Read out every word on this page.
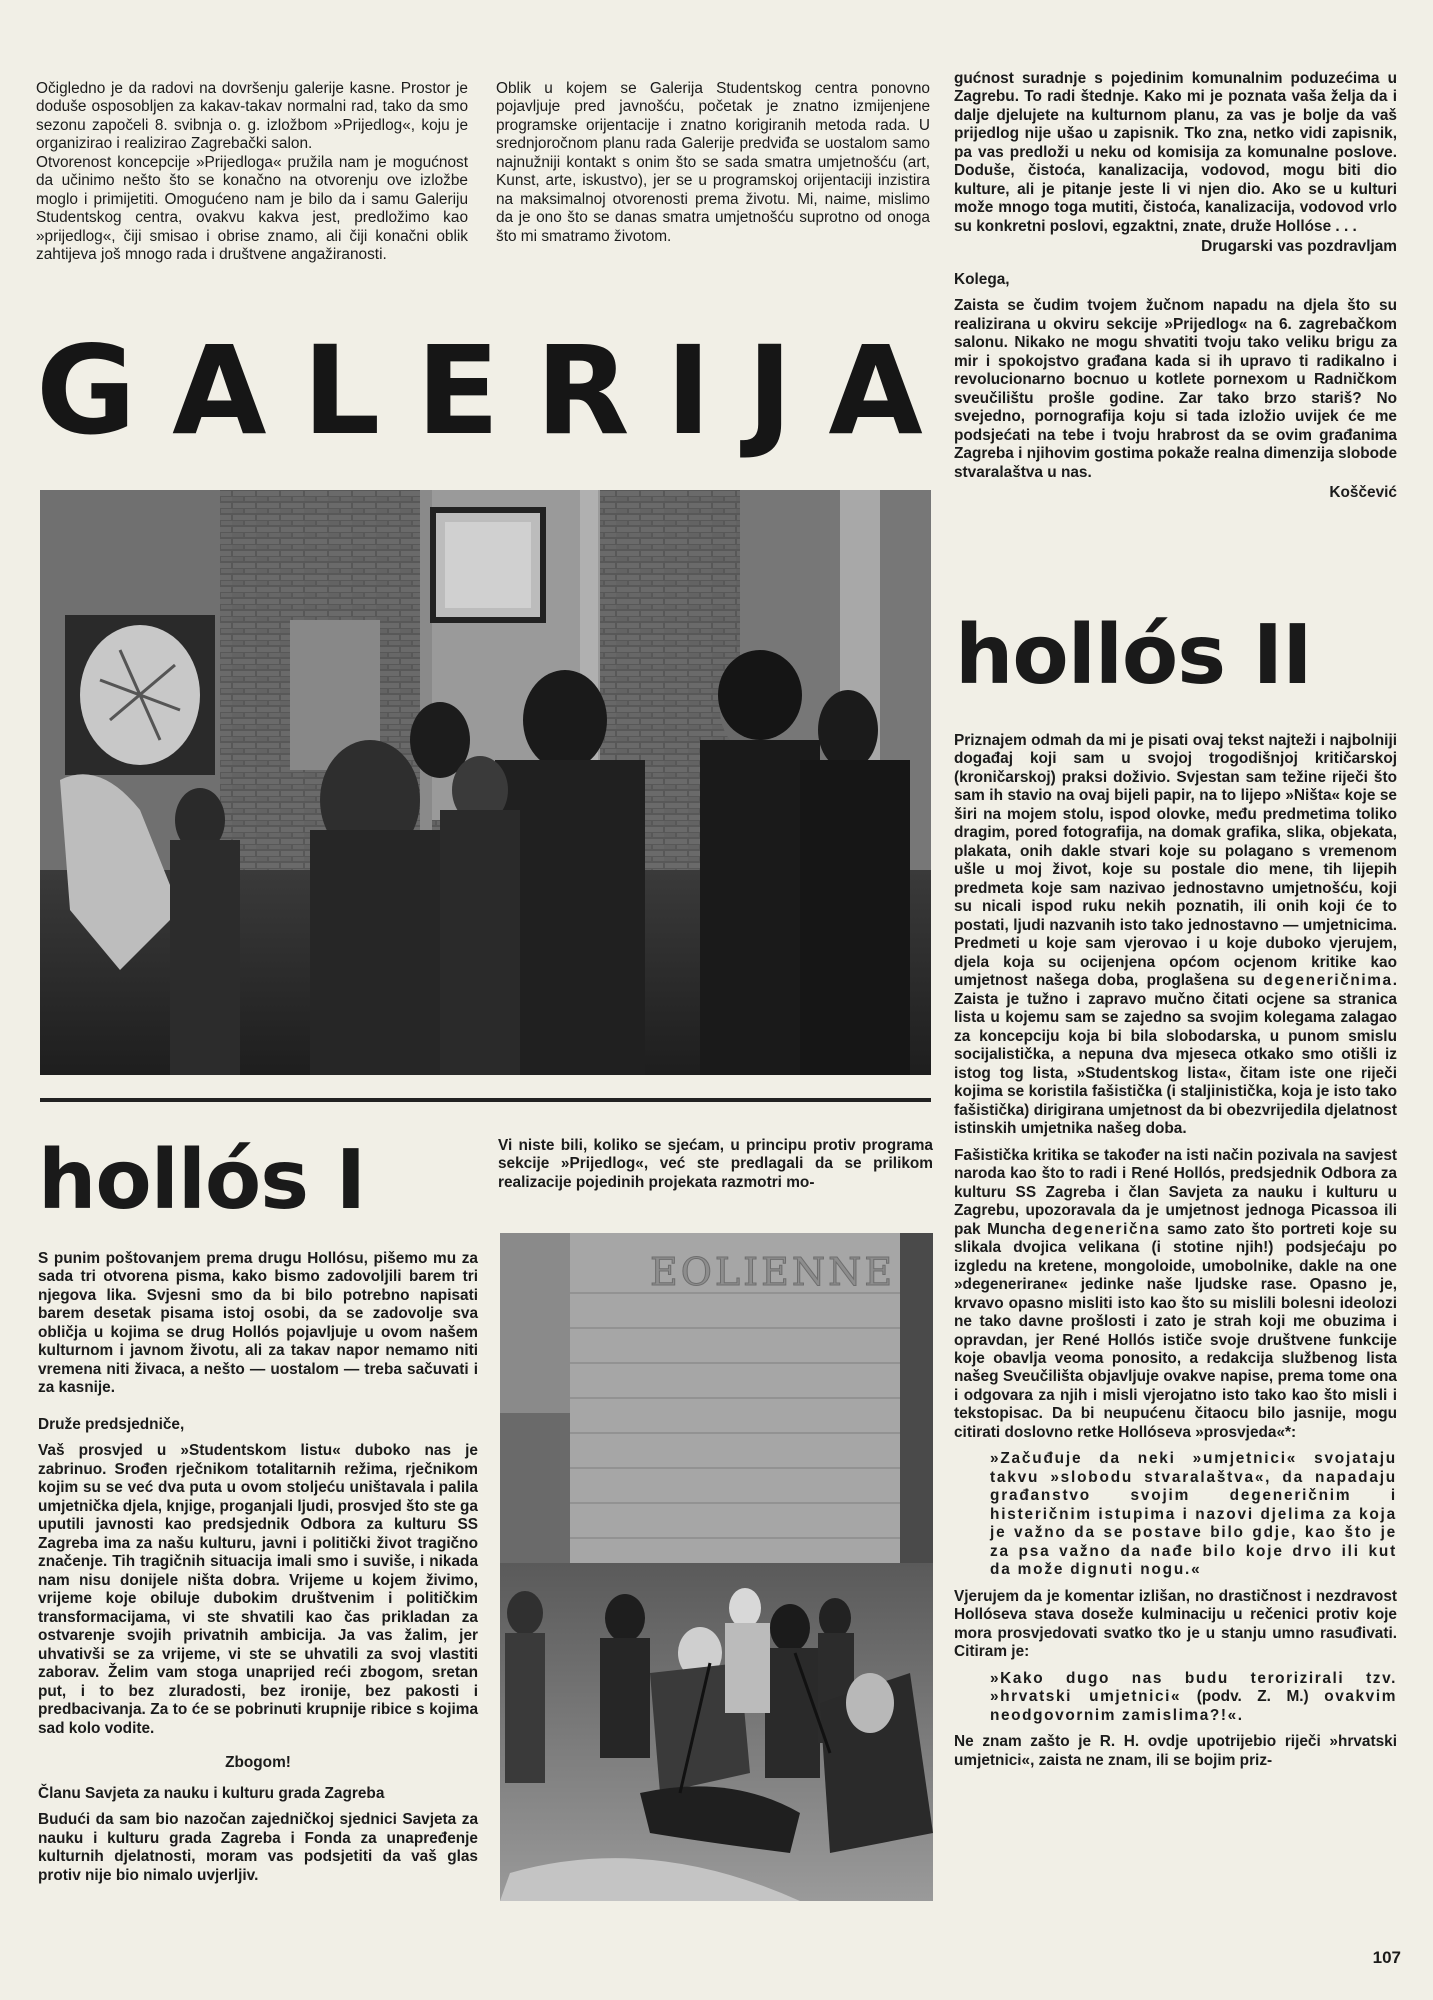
Očigledno je da radovi na dovršenju galerije kasne. Prostor je doduše osposobljen za kakav-takav normalni rad, tako da smo sezonu započeli 8. svibnja o. g. izložbom »Prijedlog«, koju je organizirao i realizirao Zagrebački salon.

Otvorenost koncepcije »Prijedloga« pružila nam je mogućnost da učinimo nešto što se konačno na otvorenju ove izložbe moglo i primijetiti. Omogućeno nam je bilo da i samu Galeriju Studentskog centra, ovakvu kakva jest, predložimo kao »prijedlog«, čiji smisao i obrise znamo, ali čiji konačni oblik zahtijeva još mnogo rada i društvene angažiranosti.

Oblik u kojem se Galerija Studentskog centra ponovno pojavljuje pred javnošću, početak je znatno izmijenjene programske orijentacije i znatno korigiranih metoda rada. U srednjoročnom planu rada Galerije predviđa se uostalom samo najnužniji kontakt s onim što se sada smatra umjetnošću (art, Kunst, arte, iskustvo), jer se u programskoj orijentaciji inzistira na maksimalnoj otvorenosti prema životu. Mi, naime, mislimo da je ono što se danas smatra umjetnošću suprotno od onoga što mi smatramo životom.

gućnost suradnje s pojedinim komunalnim poduzećima u Zagrebu. To radi štednje. Kako mi je poznata vaša želja da i dalje djelujete na kulturnom planu, za vas je bolje da vaš prijedlog nije ušao u zapisnik. Tko zna, netko vidi zapisnik, pa vas predloži u neku od komisija za komunalne poslove. Doduše, čistoća, kanalizacija, vodovod, mogu biti dio kulture, ali je pitanje jeste li vi njen dio. Ako se u kulturi može mnogo toga mutiti, čistoća, kanalizacija, vodovod vrlo su konkretni poslovi, egzaktni, znate, druže Hollóse . . .

Drugarski vas pozdravljam

Kolega,

Zaista se čudim tvojem žučnom napadu na djela što su realizirana u okviru sekcije »Prijedlog« na 6. zagrebačkom salonu. Nikako ne mogu shvatiti tvoju tako veliku brigu za mir i spokojstvo građana kada si ih upravo ti radikalno i revolucionarno bocnuo u kotlete pornexom u Radničkom sveučilištu prošle godine. Zar tako brzo stariš? No svejedno, pornografija koju si tada izložio uvijek će me podsjećati na tebe i tvoju hrabrost da se ovim građanima Zagreba i njihovim gostima pokaže realna dimenzija slobode stvaralaštva u nas.

Koščević

GALERIJA
hollós I
hollós II

S punim poštovanjem prema drugu Hollósu, pišemo mu za sada tri otvorena pisma, kako bismo zadovoljili barem tri njegova lika. Svjesni smo da bi bilo potrebno napisati barem desetak pisama istoj osobi, da se zadovolje sva obličja u kojima se drug Hollós pojavljuje u ovom našem kulturnom i javnom životu, ali za takav napor nemamo niti vremena niti živaca, a nešto — uostalom — treba sačuvati i za kasnije.

Druže predsjedniče,

Vaš prosvjed u »Studentskom listu« duboko nas je zabrinuo. Srođen rječnikom totalitarnih režima, rječnikom kojim su se već dva puta u ovom stoljeću uništavala i palila umjetnička djela, knjige, proganjali ljudi, prosvjed što ste ga uputili javnosti kao predsjednik Odbora za kulturu SS Zagreba ima za našu kulturu, javni i politički život tragično značenje. Tih tragičnih situacija imali smo i suviše, i nikada nam nisu donijele ništa dobra. Vrijeme u kojem živimo, vrijeme koje obiluje dubokim društvenim i političkim transformacijama, vi ste shvatili kao čas prikladan za ostvarenje svojih privatnih ambicija. Ja vas žalim, jer uhvativši se za vrijeme, vi ste se uhvatili za svoj vlastiti zaborav. Želim vam stoga unaprijed reći zbogom, sretan put, i to bez zluradosti, bez ironije, bez pakosti i predbacivanja. Za to će se pobrinuti krupnije ribice s kojima sad kolo vodite.

Zbogom!

Članu Savjeta za nauku i kulturu grada Zagreba

Budući da sam bio nazočan zajedničkoj sjednici Savjeta za nauku i kulturu grada Zagreba i Fonda za unapređenje kulturnih djelatnosti, moram vas podsjetiti da vaš glas protiv nije bio nimalo uvjerljiv.

Vi niste bili, koliko se sjećam, u principu protiv programa sekcije »Prijedlog«, već ste predlagali da se prilikom realizacije pojedinih projekata razmotri mo-

EOLIENNE

Priznajem odmah da mi je pisati ovaj tekst najteži i najbolniji događaj koji sam u svojoj trogodišnjoj kritičarskoj (kroničarskoj) praksi doživio. Svjestan sam težine riječi što sam ih stavio na ovaj bijeli papir, na to lijepo »Ništa« koje se širi na mojem stolu, ispod olovke, među predmetima toliko dragim, pored fotografija, na domak grafika, slika, objekata, plakata, onih dakle stvari koje su polagano s vremenom ušle u moj život, koje su postale dio mene, tih lijepih predmeta koje sam nazivao jednostavno umjetnošću, koji su nicali ispod ruku nekih poznatih, ili onih koji će to postati, ljudi nazvanih isto tako jednostavno — umjetnicima. Predmeti u koje sam vjerovao i u koje duboko vjerujem, djela koja su ocijenjena općom ocjenom kritike kao umjetnost našega doba, proglašena su degeneričnima. Zaista je tužno i zapravo mučno čitati ocjene sa stranica lista u kojemu sam se zajedno sa svojim kolegama zalagao za koncepciju koja bi bila slobodarska, u punom smislu socijalistička, a nepuna dva mjeseca otkako smo otišli iz istog tog lista, »Studentskog lista«, čitam iste one riječi kojima se koristila fašistička (i staljinistička, koja je isto tako fašistička) dirigirana umjetnost da bi obezvrijedila djelatnost istinskih umjetnika našeg doba.

Fašistička kritika se također na isti način pozivala na savjest naroda kao što to radi i René Hollós, predsjednik Odbora za kulturu SS Zagreba i član Savjeta za nauku i kulturu u Zagrebu, upozoravala da je umjetnost jednoga Picassoa ili pak Muncha degenerična samo zato što portreti koje su slikala dvojica velikana (i stotine njih!) podsjećaju po izgledu na kretene, mongoloide, umobolnike, dakle na one »degenerirane« jedinke naše ljudske rase. Opasno je, krvavo opasno misliti isto kao što su mislili bolesni ideolozi ne tako davne prošlosti i zato je strah koji me obuzima i opravdan, jer René Hollós ističe svoje društvene funkcije koje obavlja veoma ponosito, a redakcija službenog lista našeg Sveučilišta objavljuje ovakve napise, prema tome ona i odgovara za njih i misli vjerojatno isto tako kao što misli i tekstopisac. Da bi neupućenu čitaocu bilo jasnije, mogu citirati doslovno retke Hollóseva »prosvjeda«*:

»Začuđuje da neki »umjetnici« svojataju takvu »slobodu stvaralaštva«, da napadaju građanstvo svojim degeneričnim i histeričnim istupima i nazovi djelima za koja je važno da se postave bilo gdje, kao što je za psa važno da nađe bilo koje drvo ili kut da može dignuti nogu.«

Vjerujem da je komentar izlišan, no drastičnost i nezdravost Hollóseva stava doseže kulminaciju u rečenici protiv koje mora prosvjedovati svatko tko je u stanju umno rasuđivati. Citiram je:

»Kako dugo nas budu terorizirali tzv. »hrvatski umjetnici« (podv. Z. M.) ovakvim neodgovornim zamislima?!«.

Ne znam zašto je R. H. ovdje upotrijebio riječi »hrvatski umjetnici«, zaista ne znam, ili se bojim priz-

107
